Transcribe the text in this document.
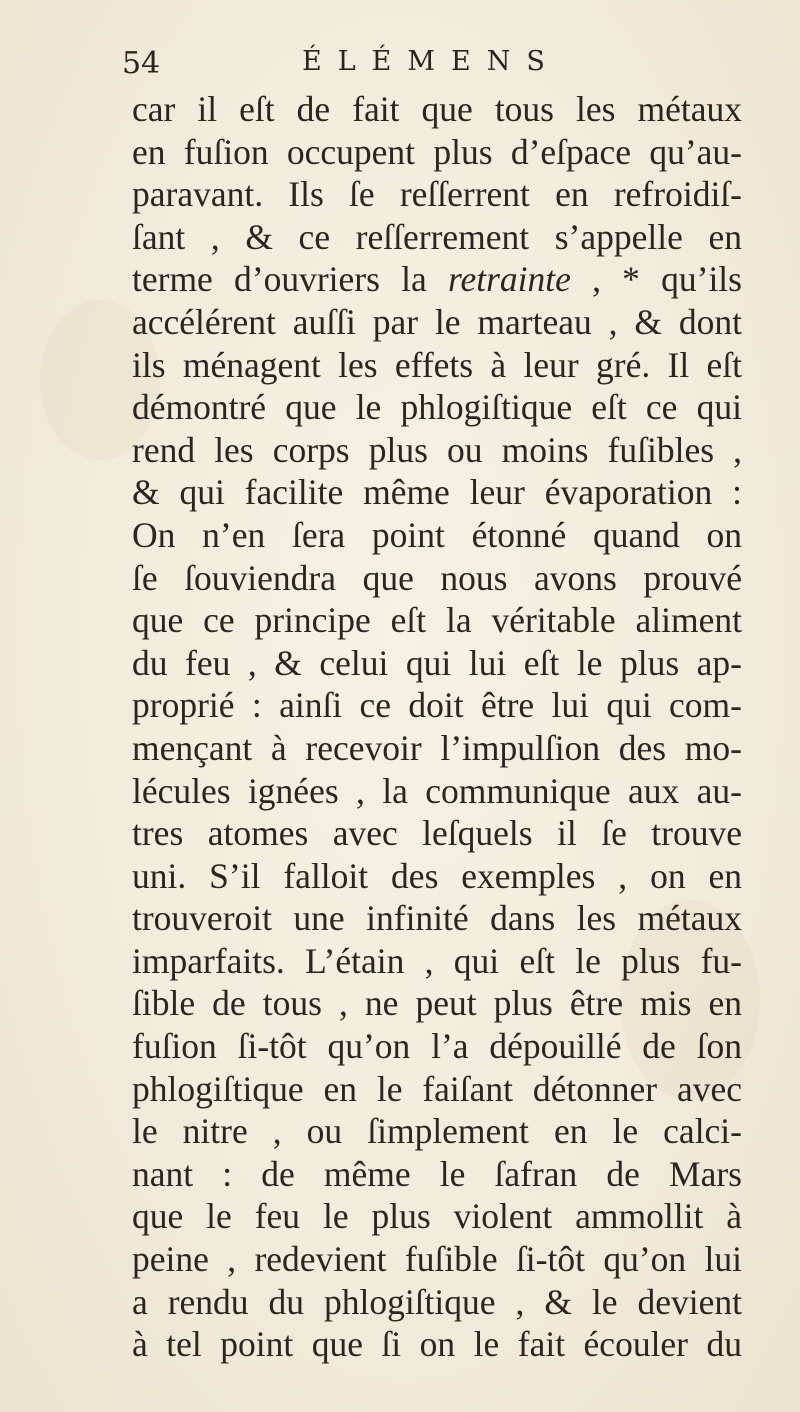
54	ÉLÉMENS
car il eſt de fait que tous les métaux
en fuſion occupent plus d’eſpace qu’au-
paravant. Ils ſe reſſerrent en refroidiſ-
ſant , & ce reſſerrement s’appelle en
terme d’ouvriers la retrainte , * qu’ils
accélérent auſſi par le marteau , & dont
ils ménagent les effets à leur gré. Il eſt
démontré que le phlogiſtique eſt ce qui
rend les corps plus ou moins fuſibles ,
& qui facilite même leur évaporation :
On n’en ſera point étonné quand on
ſe ſouviendra que nous avons prouvé
que ce principe eſt la véritable aliment
du feu , & celui qui lui eſt le plus ap-
proprié : ainſi ce doit être lui qui com-
mençant à recevoir l’impulſion des mo-
lécules ignées , la communique aux au-
tres atomes avec leſquels il ſe trouve
uni. S’il falloit des exemples , on en
trouveroit une infinité dans les métaux
imparfaits. L’étain , qui eſt le plus fu-
ſible de tous , ne peut plus être mis en
fuſion ſi-tôt qu’on l’a dépouillé de ſon
phlogiſtique en le faiſant détonner avec
le nitre , ou ſimplement en le calci-
nant : de même le ſafran de Mars
que le feu le plus violent ammollit à
peine , redevient fuſible ſi-tôt qu’on lui
a rendu du phlogiſtique , & le devient
à tel point que ſi on le fait écouler du
